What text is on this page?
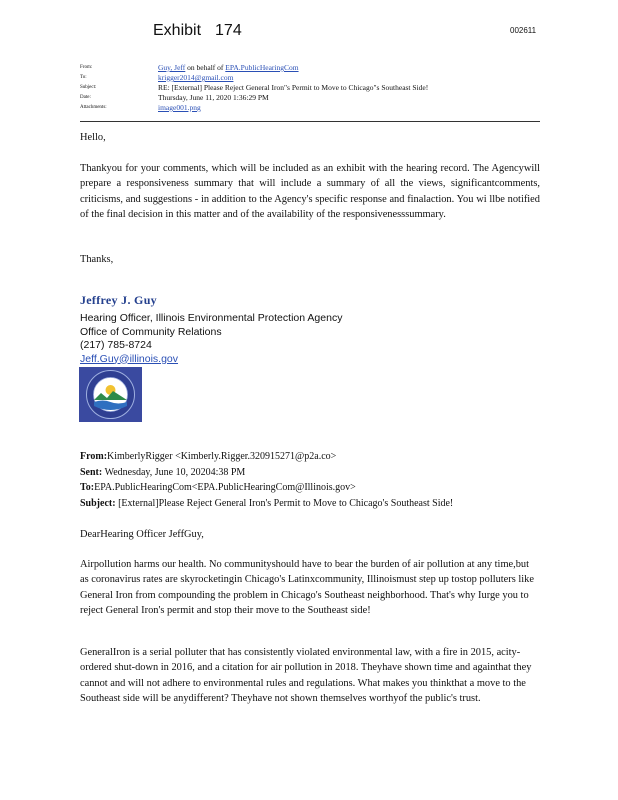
Exhibit 174	002611
From:	Guy, Jeff on behalf of EPA.PublicHearingCom
To:	krigger2014@gmail.com
Subject:	RE: [External] Please Reject General Iron"s Permit to Move to Chicago"s Southeast Side!
Date:	Thursday, June 11, 2020 1:36:29 PM
Attachments:	image001.png
Hello,
Thankyou for your comments, which will be included as an exhibit with the hearing record. The Agencywill prepare a responsiveness summary that will include a summary of all the views, significantcomments, criticisms, and suggestions - in addition to the Agency's specific response and finalaction. You wi llbe notified of the final decision in this matter and of the availability of the responsivenesssummary.
Thanks,
Jeffrey J. Guy
Hearing Officer, Illinois Environmental Protection Agency
Office of Community Relations
(217) 785-8724
Jeff.Guy@illinois.gov
From:KimberlyRigger <Kimberly.Rigger.320915271@p2a.co>
Sent: Wednesday, June 10, 20204:38 PM
To:EPA.PublicHearingCom<EPA.PublicHearingCom@Illinois.gov>
Subject: [External]Please Reject General Iron's Permit to Move to Chicago's Southeast Side!
DearHearing Officer JeffGuy,
Airpollution harms our health. No communityshould have to bear the burden of air pollution at any time,but as coronavirus rates are skyrocketingin Chicago's Latinxcommunity, Illinoismust step up tostop polluters like General Iron from compounding the problem in Chicago's Southeast neighborhood. That's why Iurge you to reject General Iron's permit and stop their move to the Southeast side!
GeneralIron is a serial polluter that has consistently violated environmental law, with a fire in 2015, acity-ordered shut-down in 2016, and a citation for air pollution in 2018. Theyhave shown time and againthat they cannot and will not adhere to environmental rules and regulations. What makes you thinkthat a move to the Southeast side will be anydifferent? Theyhave not shown themselves worthyof the public's trust.
